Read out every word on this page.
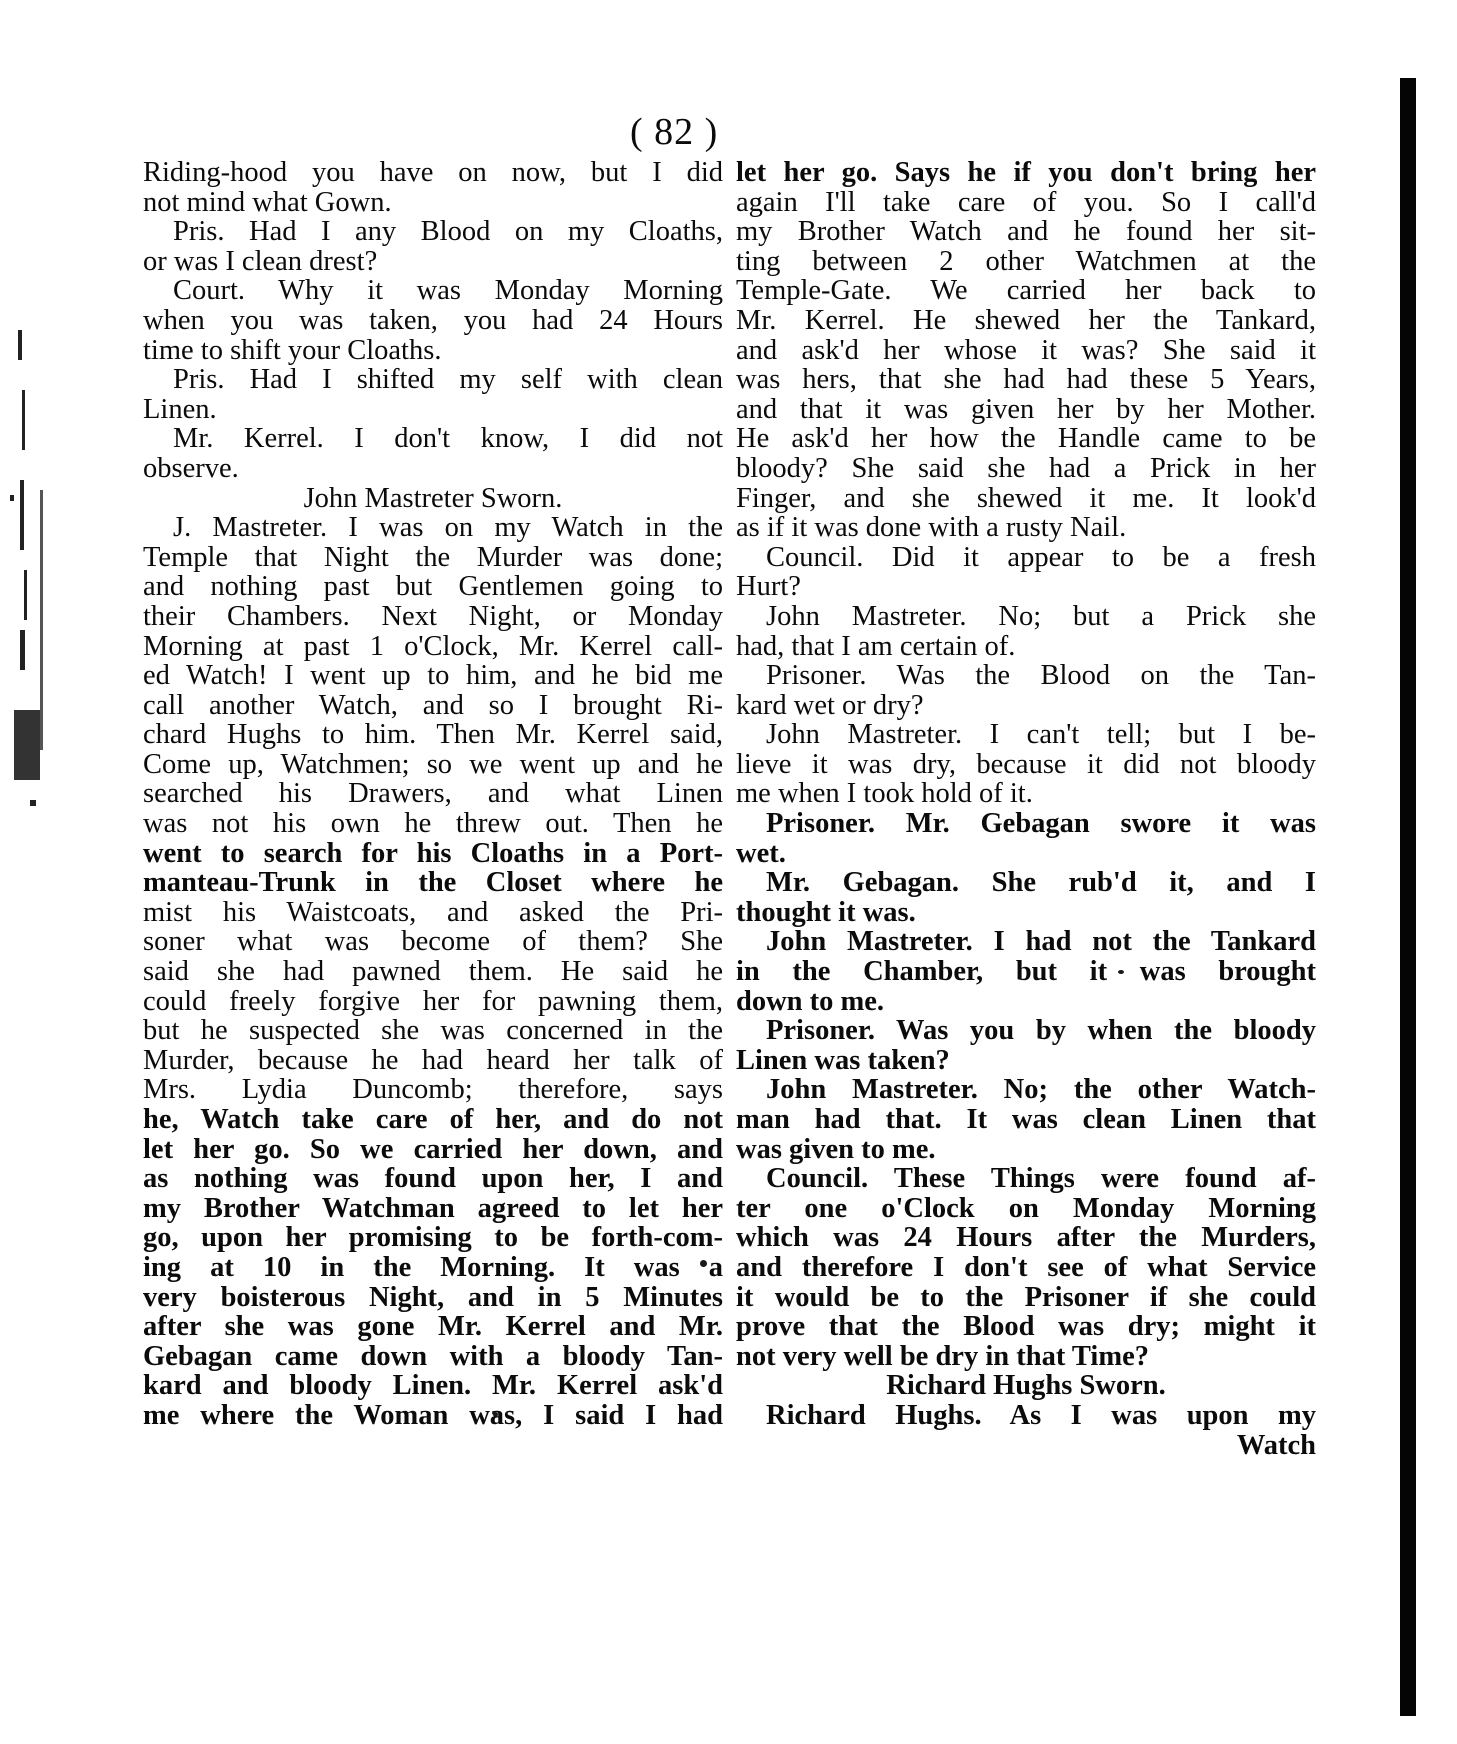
( 82 )
Riding-hood you have on now, but I did
not mind what Gown.
Pris. Had I any Blood on my Cloaths,
or was I clean drest?
Court. Why it was Monday Morning
when you was taken, you had 24 Hours
time to shift your Cloaths.
Pris. Had I shifted my self with clean
Linen.
Mr. Kerrel. I don't know, I did not
observe.
John Mastreter Sworn.
J. Mastreter. I was on my Watch in the
Temple that Night the Murder was done;
and nothing past but Gentlemen going to
their Chambers. Next Night, or Monday
Morning at past 1 o'Clock, Mr. Kerrel call-
ed Watch! I went up to him, and he bid me
call another Watch, and so I brought Ri-
chard Hughs to him. Then Mr. Kerrel said,
Come up, Watchmen; so we went up and he
searched his Drawers, and what Linen
was not his own he threw out. Then he
went to search for his Cloaths in a Port-
manteau-Trunk in the Closet where he
mist his Waistcoats, and asked the Pri-
soner what was become of them? She
said she had pawned them. He said he
could freely forgive her for pawning them,
but he suspected she was concerned in the
Murder, because he had heard her talk of
Mrs. Lydia Duncomb; therefore, says
he, Watch take care of her, and do not
let her go. So we carried her down, and
as nothing was found upon her, I and
my Brother Watchman agreed to let her
go, upon her promising to be forth-com-
ing at 10 in the Morning. It was a
very boisterous Night, and in 5 Minutes
after she was gone Mr. Kerrel and Mr.
Gebagan came down with a bloody Tan-
kard and bloody Linen. Mr. Kerrel ask'd
me where the Woman was, I said I had
let her go. Says he if you don't bring her
again I'll take care of you. So I call'd
my Brother Watch and he found her sit-
ting between 2 other Watchmen at the
Temple-Gate. We carried her back to
Mr. Kerrel. He shewed her the Tankard,
and ask'd her whose it was? She said it
was hers, that she had had these 5 Years,
and that it was given her by her Mother.
He ask'd her how the Handle came to be
bloody? She said she had a Prick in her
Finger, and she shewed it me. It look'd
as if it was done with a rusty Nail.
Council. Did it appear to be a fresh
Hurt?
John Mastreter. No; but a Prick she
had, that I am certain of.
Prisoner. Was the Blood on the Tan-
kard wet or dry?
John Mastreter. I can't tell; but I be-
lieve it was dry, because it did not bloody
me when I took hold of it.
Prisoner. Mr. Gebagan swore it was
wet.
Mr. Gebagan. She rub'd it, and I
thought it was.
John Mastreter. I had not the Tankard
in the Chamber, but it was brought
down to me.
Prisoner. Was you by when the bloody
Linen was taken?
John Mastreter. No; the other Watch-
man had that. It was clean Linen that
was given to me.
Council. These Things were found af-
ter one o'Clock on Monday Morning
which was 24 Hours after the Murders,
and therefore I don't see of what Service
it would be to the Prisoner if she could
prove that the Blood was dry; might it
not very well be dry in that Time?
Richard Hughs Sworn.
Richard Hughs. As I was upon my
Watch
